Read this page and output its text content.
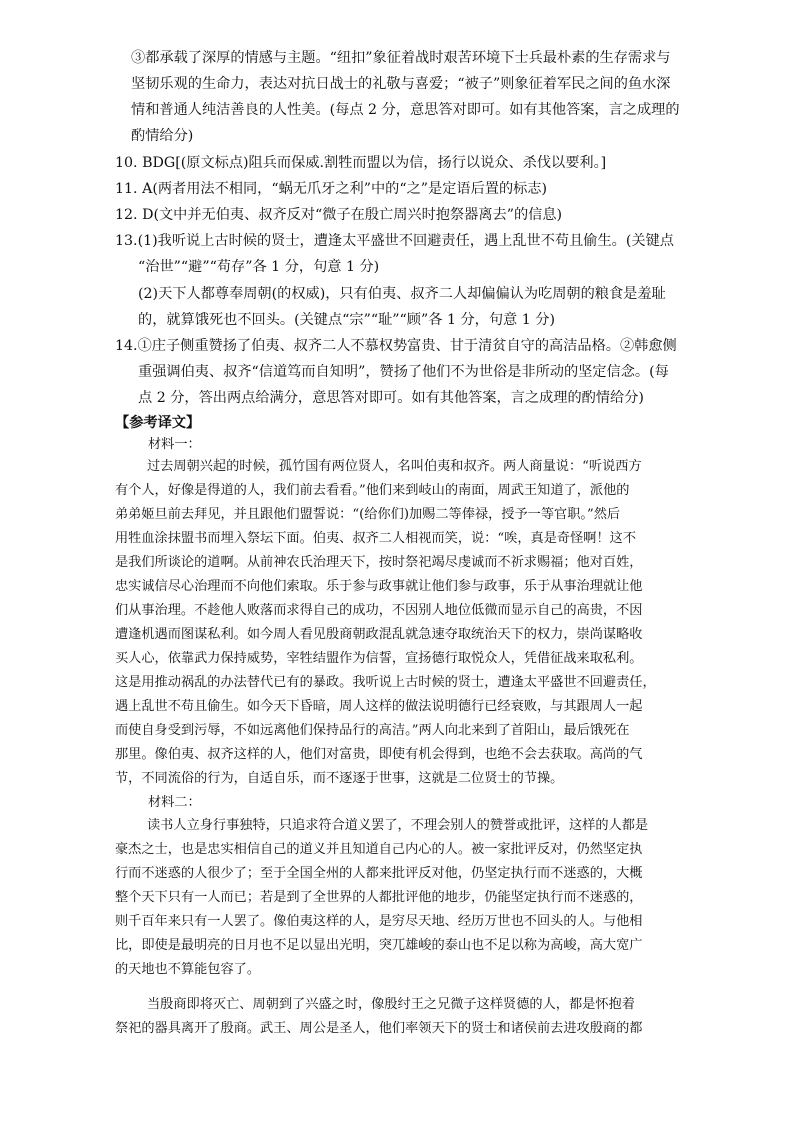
③都承载了深厚的情感与主题。“纽扣”象征着战时艰苦环境下士兵最朴素的生存需求与
坚韧乐观的生命力，表达对抗日战士的礼敬与喜爱；“被子”则象征着军民之间的鱼水深
情和普通人纯洁善良的人性美。(每点 2 分，意思答对即可。如有其他答案，言之成理的
酌情给分)
10. BDG[(原文标点)阻兵而保威.割牲而盟以为信，扬行以说众、杀伐以要利。]
11. A(两者用法不相同，“蜗无爪牙之利”中的“之”是定语后置的标志)
12. D(文中并无伯夷、叔齐反对“微子在殷亡周兴时抱祭器离去”的信息)
13.(1)我听说上古时候的贤士，遭逢太平盛世不回避责任，遇上乱世不苟且偷生。(关键点
“治世”“避”“苟存”各 1 分，句意 1 分)
(2)天下人都尊奉周朝(的权威)，只有伯夷、叔齐二人却偏偏认为吃周朝的粮食是羞耻
的，就算饿死也不回头。(关键点“宗”“耻”“顾”各 1 分，句意 1 分)
14.①庄子侧重赞扬了伯夷、叔齐二人不慕权势富贵、甘于清贫自守的高洁品格。②韩愈侧
重强调伯夷、叔齐“信道笃而自知明”，赞扬了他们不为世俗是非所动的坚定信念。(每
点 2 分，答出两点给满分，意思答对即可。如有其他答案，言之成理的酌情给分)
【参考译文】
材料一：
过去周朝兴起的时候，孤竹国有两位贤人，名叫伯夷和叔齐。两人商量说：“听说西方
有个人，好像是得道的人，我们前去看看。”他们来到岐山的南面，周武王知道了，派他的
弟弟姬旦前去拜见，并且跟他们盟誓说：“(给你们)加赐二等俸禄，授予一等官职。”然后
用牲血涂抹盟书而埋入祭坛下面。伯夷、叔齐二人相视而笑，说：“唉，真是奇怪啊！这不
是我们所谈论的道啊。从前神农氏治理天下，按时祭祀竭尽虔诚而不祈求赐福；他对百姓，
忠实诚信尽心治理而不向他们索取。乐于参与政事就让他们参与政事，乐于从事治理就让他
们从事治理。不趁他人败落而求得自己的成功，不因别人地位低微而显示自己的高贵，不因
遭逢机遇而图谋私利。如今周人看见殷商朝政混乱就急速夺取统治天下的权力，崇尚谋略收
买人心，依靠武力保持威势，宰牲结盟作为信誓，宣扬德行取悦众人，凭借征战来取私利。
这是用推动祸乱的办法替代已有的暴政。我听说上古时候的贤士，遭逢太平盛世不回避责任，
遇上乱世不苟且偷生。如今天下昏暗，周人这样的做法说明德行已经衰败，与其跟周人一起
而使自身受到污辱，不如远离他们保持品行的高洁。”两人向北来到了首阳山，最后饿死在
那里。像伯夷、叔齐这样的人，他们对富贵，即使有机会得到，也绝不会去获取。高尚的气
节，不同流俗的行为，自适自乐，而不逐逐于世事，这就是二位贤士的节操。
材料二：
读书人立身行事独特，只追求符合道义罢了，不理会别人的赞誉或批评，这样的人都是
豪杰之士，也是忠实相信自己的道义并且知道自己内心的人。被一家批评反对，仍然坚定执
行而不迷惑的人很少了；至于全国全州的人都来批评反对他，仍坚定执行而不迷惑的，大概
整个天下只有一人而已；若是到了全世界的人都批评他的地步，仍能坚定执行而不迷惑的，
则千百年来只有一人罢了。像伯夷这样的人，是穷尽天地、经历万世也不回头的人。与他相
比，即使是最明亮的日月也不足以显出光明，突兀雄峻的泰山也不足以称为高峻，高大宽广
的天地也不算能包容了。
当殷商即将灭亡、周朝到了兴盛之时，像殷纣王之兄微子这样贤德的人，都是怀抱着
祭祀的器具离开了殷商。武王、周公是圣人，他们率领天下的贤士和诸侯前去进攻殷商的都
